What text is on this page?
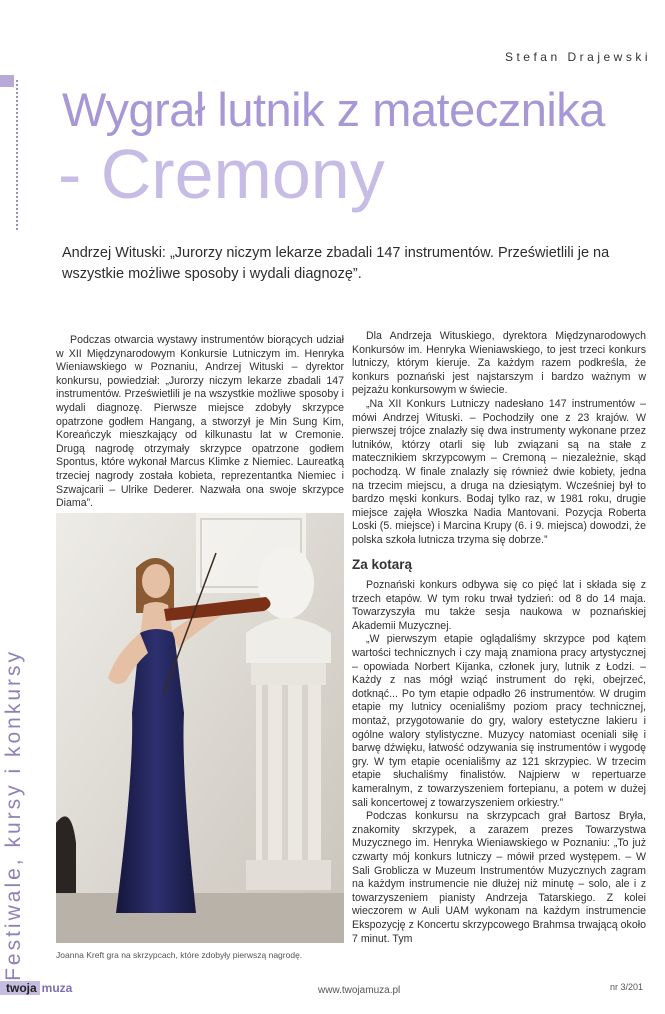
Stefan Drajewski
Wygrał lutnik z matecznika
- Cremony
Festiwale, kursy i konkursy
Andrzej Wituski: „Jurorzy niczym lekarze zbadali 147 instrumentów. Prześwietlili je na wszystkie możliwe sposoby i wydali diagnozę”.

Podczas otwarcia wystawy instrumentów biorących udział w XII Międzynarodowym Konkursie Lutniczym im. Henryka Wieniawskiego w Poznaniu, Andrzej Wituski – dyrektor konkursu, powiedział: „Jurorzy niczym lekarze zbadali 147 instrumentów. Prześwietlili je na wszystkie możliwe sposoby i wydali diagnozę. Pierwsze miejsce zdobyły skrzypce opatrzone godłem Hangang, a stworzył je Min Sung Kim, Koreańczyk mieszkający od kilkunastu lat w Cremonie. Drugą nagrodę otrzymały skrzypce opatrzone godłem Spontus, które wykonał Marcus Klimke z Niemiec. Laureatką trzeciej nagrody została kobieta, reprezentantka Niemiec i Szwajcarii – Ulrike Dederer. Nazwała ona swoje skrzypce Diama”.

Joanna Kreft gra na skrzypcach, które zdobyły pierwszą nagrodę.

Dla Andrzeja Wituskiego, dyrektora Międzynarodowych Konkursów im. Henryka Wieniawskiego, to jest trzeci konkurs lutniczy, którym kieruje. Za każdym razem podkreśla, że konkurs poznański jest najstarszym i bardzo ważnym w pejzażu konkursowym w świecie.

„Na XII Konkurs Lutniczy nadesłano 147 instrumentów – mówi Andrzej Wituski. – Pochodziły one z 23 krajów. W pierwszej trójce znalazły się dwa instrumenty wykonane przez lutników, którzy otarli się lub związani są na stałe z matecznikiem skrzypcowym – Cremoną – niezależnie, skąd pochodzą. W finale znalazły się również dwie kobiety, jedna na trzecim miejscu, a druga na dziesiątym. Wcześniej był to bardzo męski konkurs. Bodaj tylko raz, w 1981 roku, drugie miejsce zajęła Włoszka Nadia Mantovani. Pozycja Roberta Loski (5. miejsce) i Marcina Krupy (6. i 9. miejsca) dowodzi, że polska szkoła lutnicza trzyma się dobrze.”

Za kotarą

Poznański konkurs odbywa się co pięć lat i składa się z trzech etapów. W tym roku trwał tydzień: od 8 do 14 maja. Towarzyszyła mu także sesja naukowa w poznańskiej Akademii Muzycznej.

„W pierwszym etapie oglądaliśmy skrzypce pod kątem wartości technicznych i czy mają znamiona pracy artystycznej – opowiada Norbert Kijanka, członek jury, lutnik z Łodzi. – Każdy z nas mógł wziąć instrument do ręki, obejrzeć, dotknąć... Po tym etapie odpadło 26 instrumentów. W drugim etapie my lutnicy oceniališmy poziom pracy technicznej, montaż, przygotowanie do gry, walory estetyczne lakieru i ogólne walory stylistyczne. Muzycy natomiast oceniali siłę i barwę dźwięku, łatwość odzywania się instrumentów i wygodę gry. W tym etapie oceniališmy az 121 skrzypiec. W trzecim etapie słuchaliśmy finalistów. Najpierw w repertuarze kameralnym, z towarzyszeniem fortepianu, a potem w dużej sali koncertowej z towarzyszeniem orkiestry.”

Podczas konkursu na skrzypcach grał Bartosz Bryła, znakomity skrzypek, a zarazem prezes Towarzystwa Muzycznego im. Henryka Wieniawskiego w Poznaniu: „To już czwarty mój konkurs lutniczy – mówił przed występem. – W Sali Groblicza w Muzeum Instrumentów Muzycznych zagram na każdym instrumencie nie dłużej niż minutę – solo, ale i z towarzyszeniem pianisty Andrzeja Tatarskiego. Z kolei wieczorem w Auli UAM wykonam na każdym instrumencie Ekspozycję z Koncertu skrzypcowego Brahmsa trwającą około 7 minut. Tym

twoja muza	www.twojamuza.pl	nr 3/201
